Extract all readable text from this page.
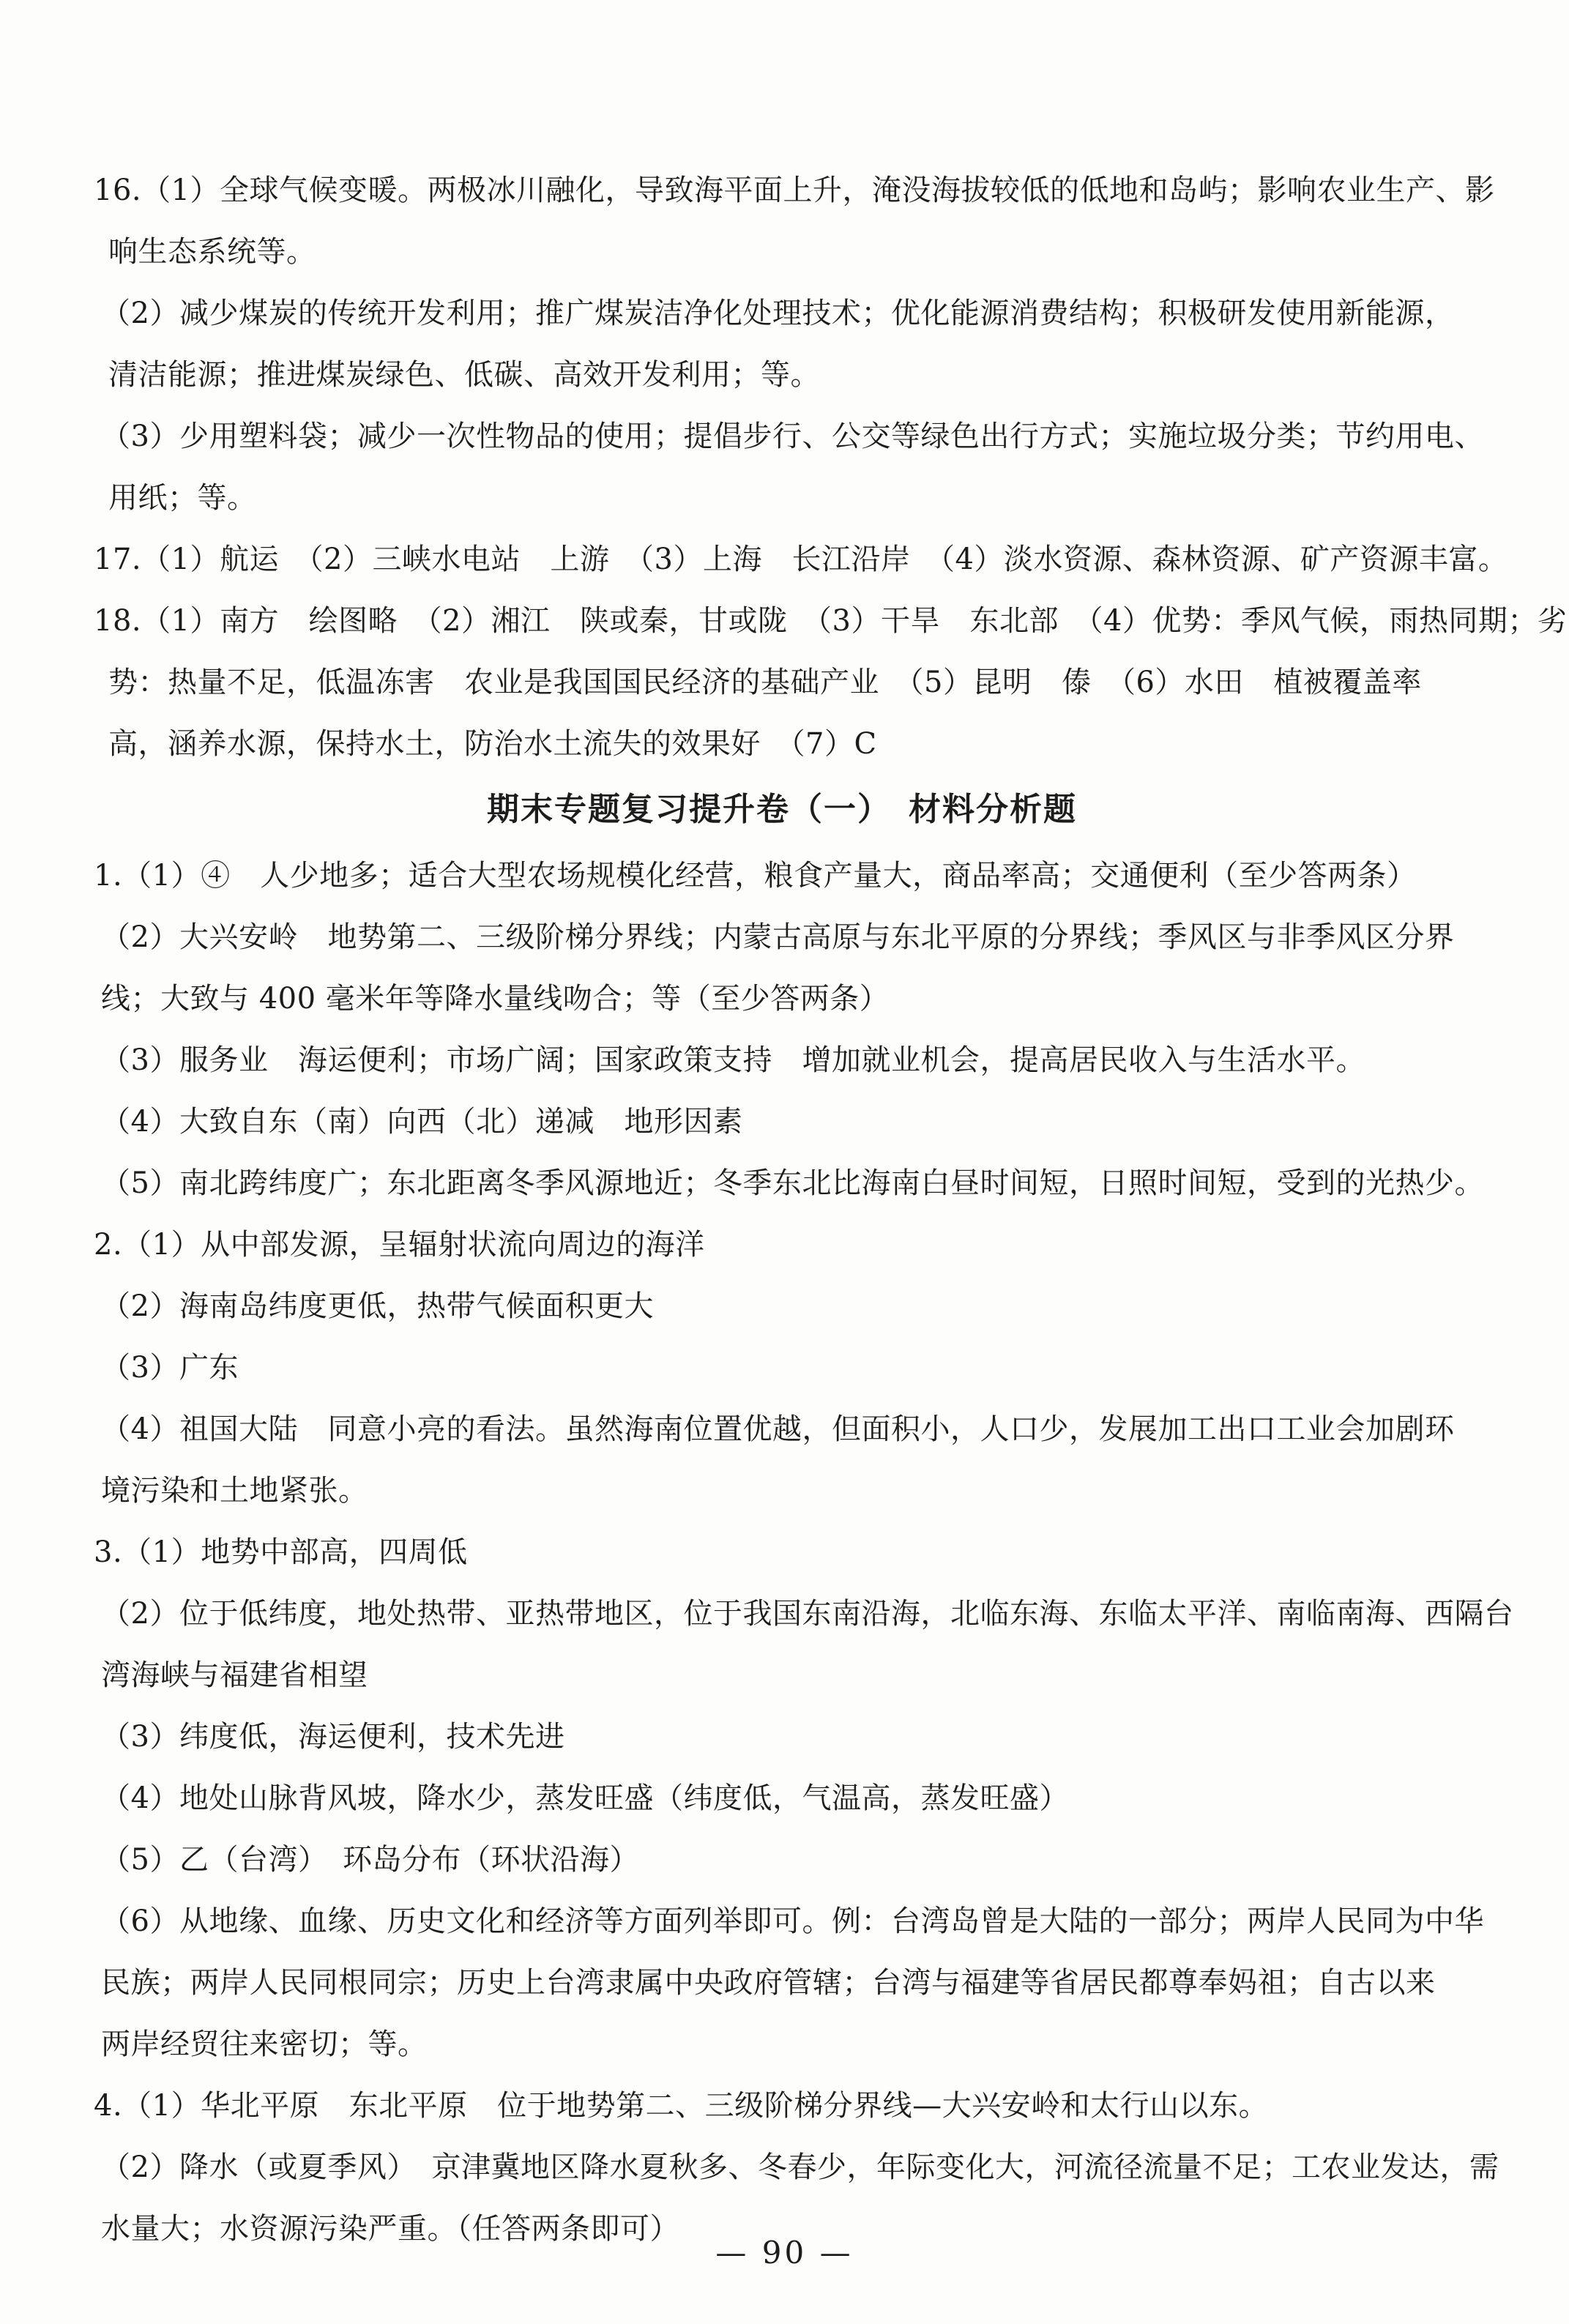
16.（1）全球气候变暖。两极冰川融化，导致海平面上升，淹没海拔较低的低地和岛屿；影响农业生产、影
响生态系统等。
（2）减少煤炭的传统开发利用；推广煤炭洁净化处理技术；优化能源消费结构；积极研发使用新能源，
清洁能源；推进煤炭绿色、低碳、高效开发利用；等。
（3）少用塑料袋；减少一次性物品的使用；提倡步行、公交等绿色出行方式；实施垃圾分类；节约用电、
用纸；等。
17.（1）航运　（2）三峡水电站　上游　（3）上海　长江沿岸　（4）淡水资源、森林资源、矿产资源丰富。
18.（1）南方　绘图略　（2）湘江　陕或秦，甘或陇　（3）干旱　东北部　（4）优势：季风气候，雨热同期；劣
势：热量不足，低温冻害　农业是我国国民经济的基础产业　（5）昆明　傣　（6）水田　植被覆盖率
高，涵养水源，保持水土，防治水土流失的效果好　（7）C
期末专题复习提升卷（一）　材料分析题
1.（1）④　人少地多；适合大型农场规模化经营，粮食产量大，商品率高；交通便利（至少答两条）
（2）大兴安岭　地势第二、三级阶梯分界线；内蒙古高原与东北平原的分界线；季风区与非季风区分界
线；大致与 400 毫米年等降水量线吻合；等（至少答两条）
（3）服务业　海运便利；市场广阔；国家政策支持　增加就业机会，提高居民收入与生活水平。
（4）大致自东（南）向西（北）递减　地形因素
（5）南北跨纬度广；东北距离冬季风源地近；冬季东北比海南白昼时间短，日照时间短，受到的光热少。
2.（1）从中部发源，呈辐射状流向周边的海洋
（2）海南岛纬度更低，热带气候面积更大
（3）广东
（4）祖国大陆　同意小亮的看法。虽然海南位置优越，但面积小，人口少，发展加工出口工业会加剧环
境污染和土地紧张。
3.（1）地势中部高，四周低
（2）位于低纬度，地处热带、亚热带地区，位于我国东南沿海，北临东海、东临太平洋、南临南海、西隔台
湾海峡与福建省相望
（3）纬度低，海运便利，技术先进
（4）地处山脉背风坡，降水少，蒸发旺盛（纬度低，气温高，蒸发旺盛）
（5）乙（台湾）　环岛分布（环状沿海）
（6）从地缘、血缘、历史文化和经济等方面列举即可。例：台湾岛曾是大陆的一部分；两岸人民同为中华
民族；两岸人民同根同宗；历史上台湾隶属中央政府管辖；台湾与福建等省居民都尊奉妈祖；自古以来
两岸经贸往来密切；等。
4.（1）华北平原　东北平原　位于地势第二、三级阶梯分界线—大兴安岭和太行山以东。
（2）降水（或夏季风）　京津冀地区降水夏秋多、冬春少，年际变化大，河流径流量不足；工农业发达，需
水量大；水资源污染严重。（任答两条即可）
— 90 —
